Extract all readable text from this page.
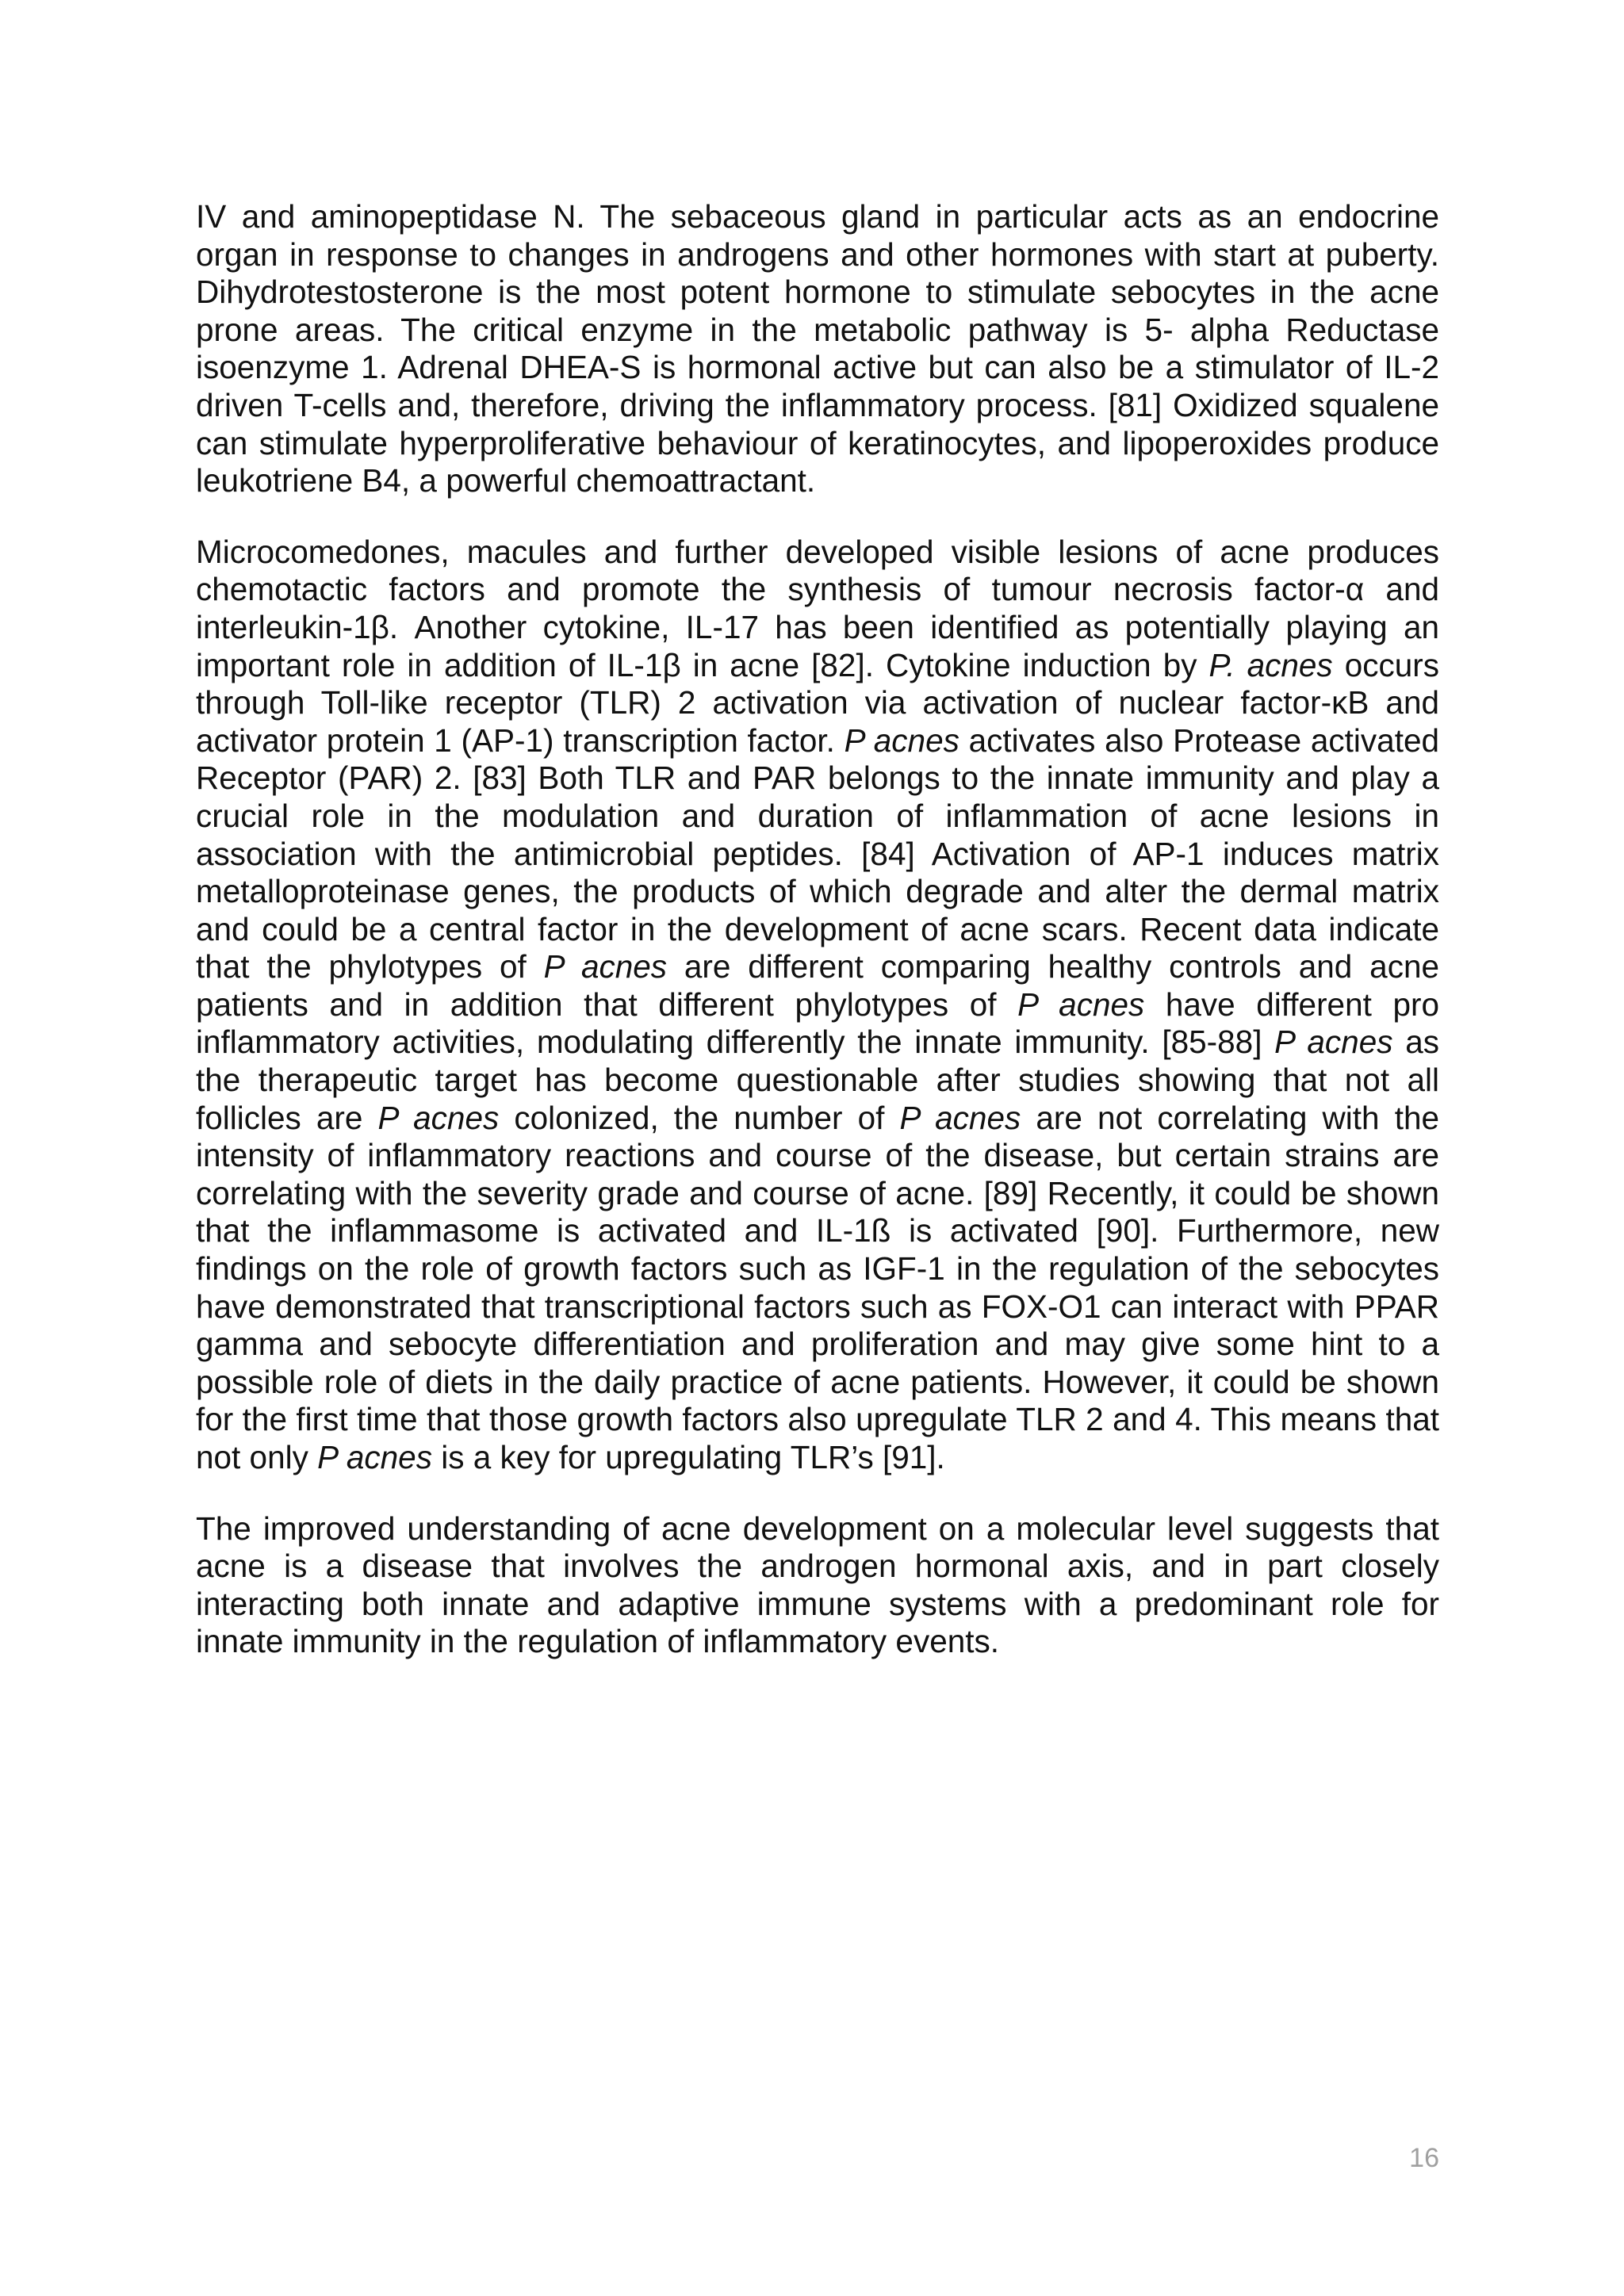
IV and aminopeptidase N. The sebaceous gland in particular acts as an endocrine organ in response to changes in androgens and other hormones with start at puberty. Dihydrotestosterone is the most potent hormone to stimulate sebocytes in the acne prone areas. The critical enzyme in the metabolic pathway is 5- alpha Reductase isoenzyme 1. Adrenal DHEA-S is hormonal active but can also be a stimulator of IL-2 driven T-cells and, therefore, driving the inflammatory process. [81] Oxidized squalene can stimulate hyperproliferative behaviour of keratinocytes, and lipoperoxides produce leukotriene B4, a powerful chemoattractant.

Microcomedones, macules and further developed visible lesions of acne produces chemotactic factors and promote the synthesis of tumour necrosis factor-α and interleukin-1β. Another cytokine, IL-17 has been identified as potentially playing an important role in addition of IL-1β in acne [82]. Cytokine induction by P. acnes occurs through Toll-like receptor (TLR) 2 activation via activation of nuclear factor-κB and activator protein 1 (AP-1) transcription factor. P acnes activates also Protease activated Receptor (PAR) 2. [83] Both TLR and PAR belongs to the innate immunity and play a crucial role in the modulation and duration of inflammation of acne lesions in association with the antimicrobial peptides. [84] Activation of AP-1 induces matrix metalloproteinase genes, the products of which degrade and alter the dermal matrix and could be a central factor in the development of acne scars. Recent data indicate that the phylotypes of P acnes are different comparing healthy controls and acne patients and in addition that different phylotypes of P acnes have different pro inflammatory activities, modulating differently the innate immunity. [85-88] P acnes as the therapeutic target has become questionable after studies showing that not all follicles are P acnes colonized, the number of P acnes are not correlating with the intensity of inflammatory reactions and course of the disease, but certain strains are correlating with the severity grade and course of acne. [89] Recently, it could be shown that the inflammasome is activated and IL-1ß is activated [90]. Furthermore, new findings on the role of growth factors such as IGF-1 in the regulation of the sebocytes have demonstrated that transcriptional factors such as FOX-O1 can interact with PPAR gamma and sebocyte differentiation and proliferation and may give some hint to a possible role of diets in the daily practice of acne patients. However, it could be shown for the first time that those growth factors also upregulate TLR 2 and 4. This means that not only P acnes is a key for upregulating TLR’s [91].

The improved understanding of acne development on a molecular level suggests that acne is a disease that involves the androgen hormonal axis, and in part closely interacting both innate and adaptive immune systems with a predominant role for innate immunity in the regulation of inflammatory events.

16
